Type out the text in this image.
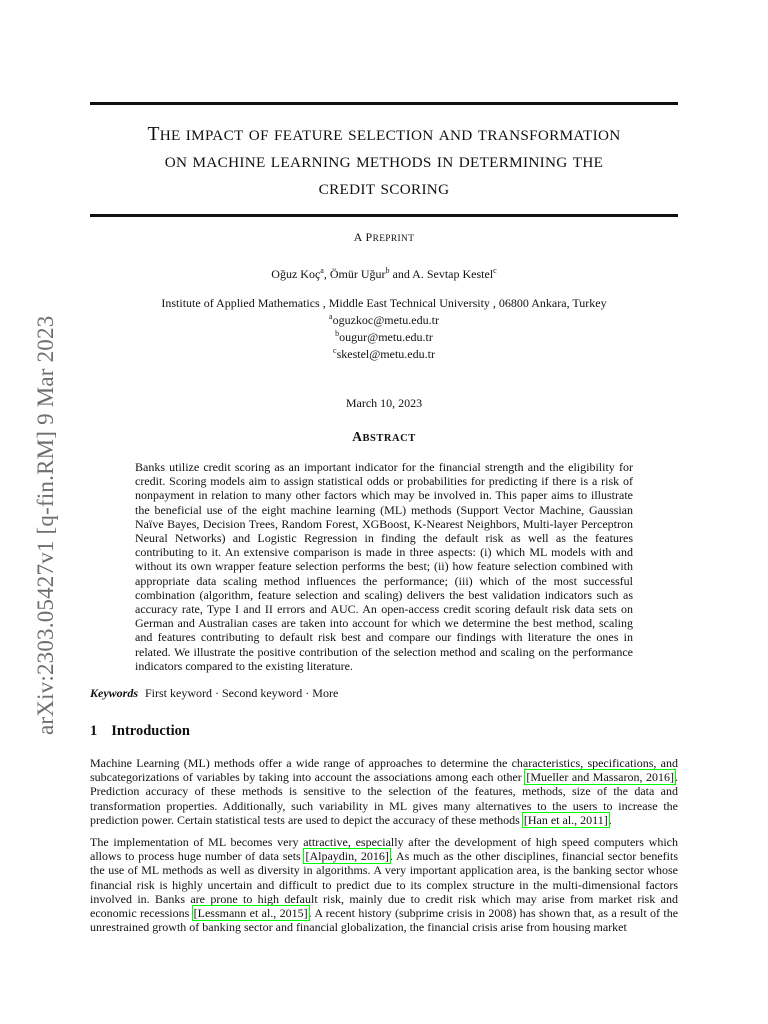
arXiv:2303.05427v1 [q-fin.RM] 9 Mar 2023
THE IMPACT OF FEATURE SELECTION AND TRANSFORMATION
ON MACHINE LEARNING METHODS IN DETERMINING THE
CREDIT SCORING
A PREPRINT
Oğuz Koç$^a$, Ömür Uğur$^b$ and A. Sevtap Kestel$^c$
Institute of Applied Mathematics , Middle East Technical University , 06800 Ankara, Turkey
$^a$oguzkoc@metu.edu.tr
$^b$ougur@metu.edu.tr
$^c$skestel@metu.edu.tr
March 10, 2023
ABSTRACT
Banks utilize credit scoring as an important indicator for the financial strength and the eligibility for credit. Scoring models aim to assign statistical odds or probabilities for predicting if there is a risk of nonpayment in relation to many other factors which may be involved in. This paper aims to illustrate the beneficial use of the eight machine learning (ML) methods (Support Vector Machine, Gaussian Naïve Bayes, Decision Trees, Random Forest, XGBoost, K-Nearest Neighbors, Multi-layer Perceptron Neural Networks) and Logistic Regression in finding the default risk as well as the features contributing to it. An extensive comparison is made in three aspects: (i) which ML models with and without its own wrapper feature selection performs the best; (ii) how feature selection combined with appropriate data scaling method influences the performance; (iii) which of the most successful combination (algorithm, feature selection and scaling) delivers the best validation indicators such as accuracy rate, Type I and II errors and AUC. An open-access credit scoring default risk data sets on German and Australian cases are taken into account for which we determine the best method, scaling and features contributing to default risk best and compare our findings with literature the ones in related. We illustrate the positive contribution of the selection method and scaling on the performance indicators compared to the existing literature.
Keywords First keyword · Second keyword · More
1 Introduction
Machine Learning (ML) methods offer a wide range of approaches to determine the characteristics, specifications, and subcategorizations of variables by taking into account the associations among each other [Mueller and Massaron, 2016]. Prediction accuracy of these methods is sensitive to the selection of the features, methods, size of the data and transformation properties. Additionally, such variability in ML gives many alternatives to the users to increase the prediction power. Certain statistical tests are used to depict the accuracy of these methods [Han et al., 2011].
The implementation of ML becomes very attractive, especially after the development of high speed computers which allows to process huge number of data sets [Alpaydin, 2016]. As much as the other disciplines, financial sector benefits the use of ML methods as well as diversity in algorithms. A very important application area, is the banking sector whose financial risk is highly uncertain and difficult to predict due to its complex structure in the multi-dimensional factors involved in. Banks are prone to high default risk, mainly due to credit risk which may arise from market risk and economic recessions [Lessmann et al., 2015]. A recent history (subprime crisis in 2008) has shown that, as a result of the unrestrained growth of banking sector and financial globalization, the financial crisis arise from housing market
